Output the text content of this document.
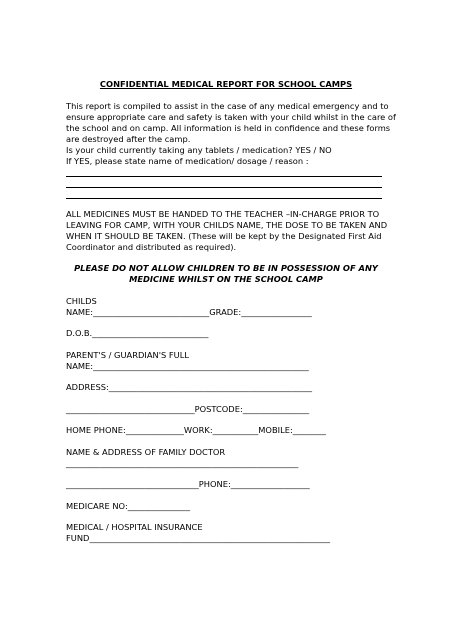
CONFIDENTIAL MEDICAL REPORT FOR SCHOOL CAMPS
This report is compiled to assist in the case of any medical emergency and to
ensure appropriate care and safety is taken with your child whilst in the care of
the school and on camp. All information is held in confidence and these forms
are destroyed after the camp.
Is your child currently taking any tablets / medication? YES / NO
If YES, please state name of medication/ dosage / reason :
ALL MEDICINES MUST BE HANDED TO THE TEACHER –IN-CHARGE PRIOR TO
LEAVING FOR CAMP, WITH YOUR CHILDS NAME, THE DOSE TO BE TAKEN AND
WHEN IT SHOULD BE TAKEN. (These will be kept by the Designated First Aid
Coordinator and distributed as required).
PLEASE DO NOT ALLOW CHILDREN TO BE IN POSSESSION OF ANY
MEDICINE WHILST ON THE SCHOOL CAMP
CHILDS
NAME:____________________________GRADE:_________________
D.O.B.____________________________
PARENT'S / GUARDIAN'S FULL
NAME:____________________________________________________
ADDRESS:_________________________________________________
_______________________________POSTCODE:________________
HOME PHONE:______________WORK:___________MOBILE:________
NAME & ADDRESS OF FAMILY DOCTOR
________________________________________________________
________________________________PHONE:___________________
MEDICARE NO:_______________
MEDICAL / HOSPITAL INSURANCE
FUND__________________________________________________________
